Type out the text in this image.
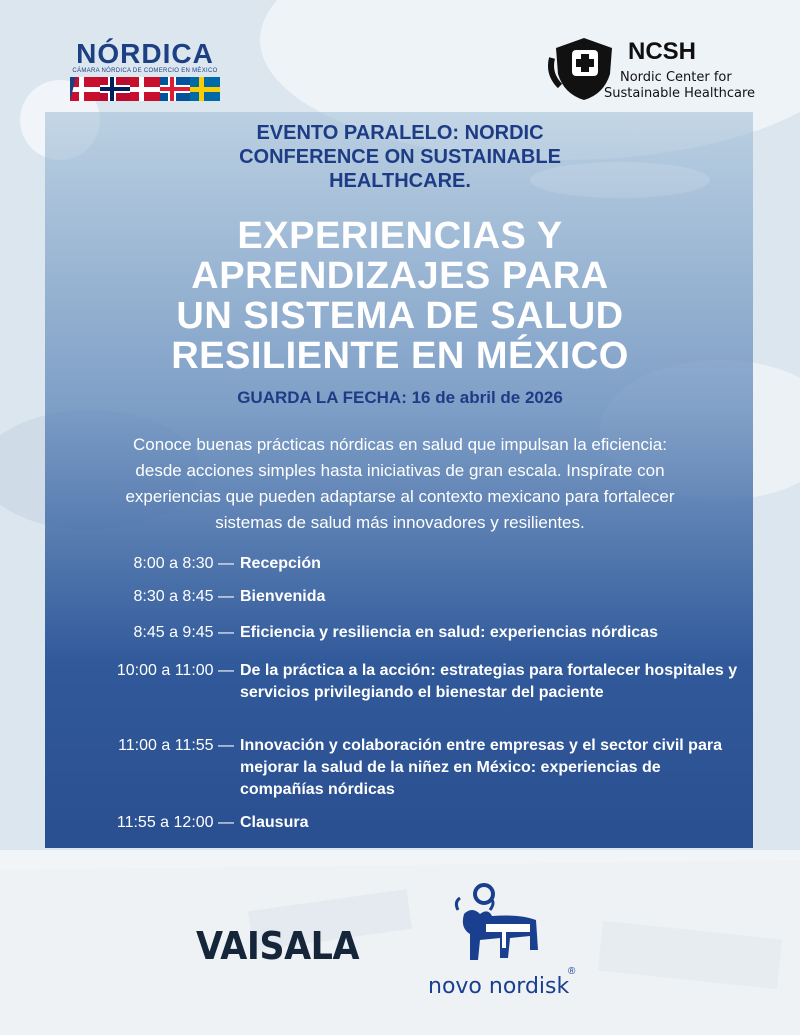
NÓRDICA
CÁMARA NÓRDICA DE COMERCIO EN MÉXICO
NCSH
Nordic Center for
Sustainable Healthcare
EVENTO PARALELO: NORDIC
CONFERENCE ON SUSTAINABLE
HEALTHCARE.
EXPERIENCIAS Y
APRENDIZAJES PARA
UN SISTEMA DE SALUD
RESILIENTE EN MÉXICO
GUARDA LA FECHA: 16 de abril de 2026
Conoce buenas prácticas nórdicas en salud que impulsan la eficiencia:
desde acciones simples hasta iniciativas de gran escala. Inspírate con
experiencias que pueden adaptarse al contexto mexicano para fortalecer
sistemas de salud más innovadores y resilientes.
8:00 a 8:30 — Recepción
8:30 a 8:45 — Bienvenida
8:45 a 9:45 — Eficiencia y resiliencia en salud: experiencias nórdicas
10:00 a 11:00 — De la práctica a la acción: estrategias para fortalecer hospitales y servicios privilegiando el bienestar del paciente
11:00 a 11:55 — Innovación y colaboración entre empresas y el sector civil para mejorar la salud de la niñez en México: experiencias de compañías nórdicas
11:55 a 12:00 — Clausura
VAISALA
novo nordisk
®
